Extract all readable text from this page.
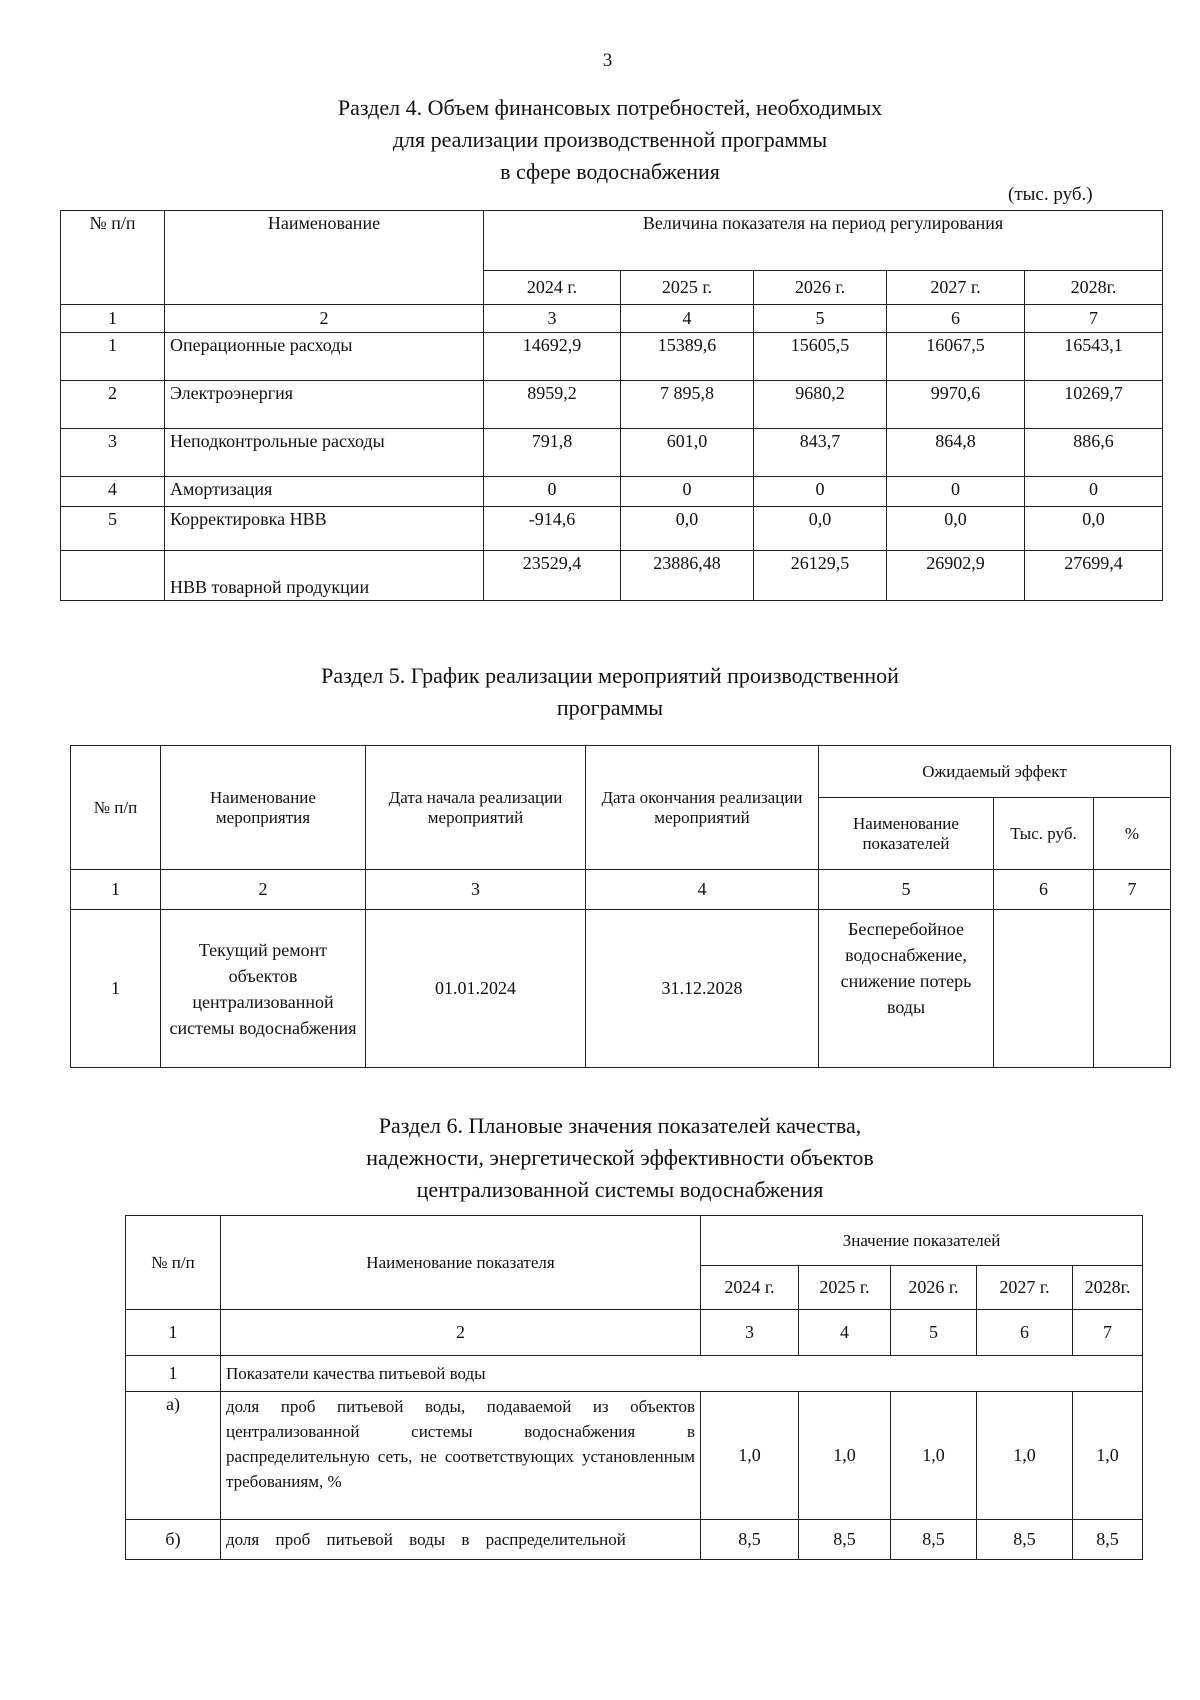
3
Раздел 4. Объем финансовых потребностей, необходимых
для реализации производственной программы
в сфере водоснабжения
(тыс. руб.)
№ п/п	Наименование	Величина показателя на период регулирования				
		2024 г.	2025 г.	2026 г.	2027 г.	2028г.
1	2	3	4	5	6	7
1	Операционные расходы	14692,9	15389,6	15605,5	16067,5	16543,1
2	Электроэнергия	8959,2	7 895,8	9680,2	9970,6	10269,7
3	Неподконтрольные расходы	791,8	601,0	843,7	864,8	886,6
4	Амортизация	0	0	0	0	0
5	Корректировка НВВ	-914,6	0,0	0,0	0,0	0,0
	НВВ товарной продукции	23529,4	23886,48	26129,5	26902,9	27699,4
Раздел 5. График реализации мероприятий производственной
программы
№ п/п	Наименование мероприятия	Дата начала реализации мероприятий	Дата окончания реализации мероприятий	Ожидаемый эффект		
				Наименование показателей	Тыс. руб.	%
1	2	3	4	5	6	7
1	Текущий ремонт объектов централизованной системы водоснабжения	01.01.2024	31.12.2028	Бесперебойное водоснабжение, снижение потерь воды		
Раздел 6. Плановые значения показателей качества,
надежности, энергетической эффективности объектов
централизованной системы водоснабжения
№ п/п	Наименование показателя	Значение показателей				
		2024 г.	2025 г.	2026 г.	2027 г.	2028г.
1	2	3	4	5	6	7
1	Показатели качества питьевой воды					
а)	доля проб питьевой воды, подаваемой из объектов централизованной системы водоснабжения в распределительную сеть, не соответствующих установленным требованиям, %	1,0	1,0	1,0	1,0	1,0
б)	доля проб питьевой воды в распределительной	8,5	8,5	8,5	8,5	8,5
